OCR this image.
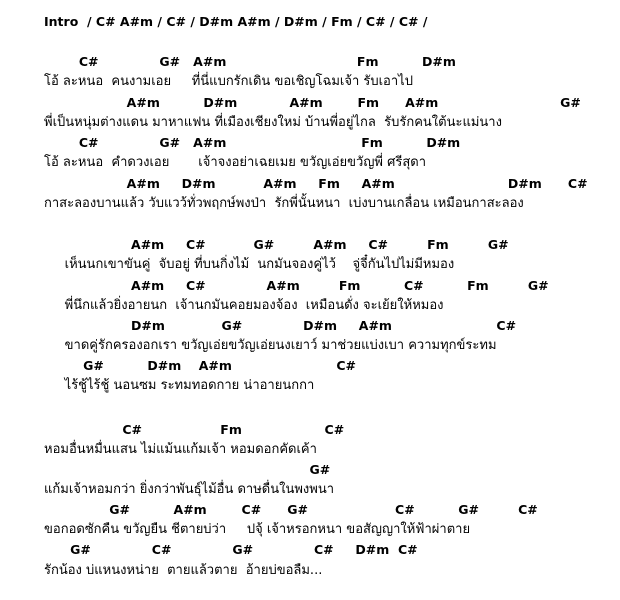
Intro  / C# A#m / C# / D#m A#m / D#m / Fm / C# / C# /
C#              G#   A#m                              Fm          D#m
โอ้ ละหนอ  คนงามเอย     ที่นี่แบกรักเดิน ขอเชิญโฉมเจ้า รับเอาไป
A#m          D#m            A#m        Fm      A#m                            G#
พี่เป็นหนุ่มต่างแดน มาหาแฟน ที่เมืองเชียงใหม่ บ้านพี่อยู่ไกล  รับรักคนใต้นะแม่นาง
C#              G#   A#m                               Fm          D#m
โอ้ ละหนอ  คำดวงเอย       เจ้าจงอย่าเฉยเมย ขวัญเอ่ยขวัญพี่ ศรีสุดา
A#m     D#m           A#m     Fm     A#m                          D#m      C#
กาสะลองบานแล้ว วับแวว้ทั่วพฤกษ์พงป่า  รักพี่นั้นหนา  เบ่งบานเกลื่อน เหมือนกาสะลอง
A#m     C#           G#         A#m     C#         Fm         G#
เห็นนกเขาขันคู่  จับอยู่ ที่บนกิ่งไม้  นกมันจองคู่ไว้    จู่จี๋กันไปไม่มีหมอง
A#m     C#              A#m         Fm          C#          Fm         G#
พี่นึกแล้วยิ่งอายนก  เจ้านกมันคอยมองจ้อง  เหมือนดั่ง จะเย้ยให้หมอง
D#m             G#              D#m     A#m                        C#
ขาดคู่รักครองอกเรา ขวัญเอ่ยขวัญเอ่ยนงเยาว์ มาช่วยแบ่งเบา ความทุกข์ระทม
G#          D#m    A#m                        C#
ไร้ชู้ไร้ชู้ นอนซม ระทมทอดกาย น่าอายนกกา
C#                  Fm                   C#
หอมอื่นหมื่นแสน ไม่แม้นแก้มเจ้า หอมดอกคัดเค้า
G#
แก้มเจ้าหอมกว่า ยิ่งกว่าพันธุ์ไม้อื่น ดาษดื่นในพงพนา
G#          A#m        C#      G#                    C#          G#         C#
ขอกอดซักคืน ขวัญยืน ชีตายบ่ว่า     ปจุ้ เจ้าหรอกหนา ขอสัญญาให้ฟ้าผ่าตาย
G#              C#              G#              C#     D#m  C#
รักน้อง บ่แหนงหน่าย  ตายแล้วตาย  อ้ายบ่ขอลืม...
